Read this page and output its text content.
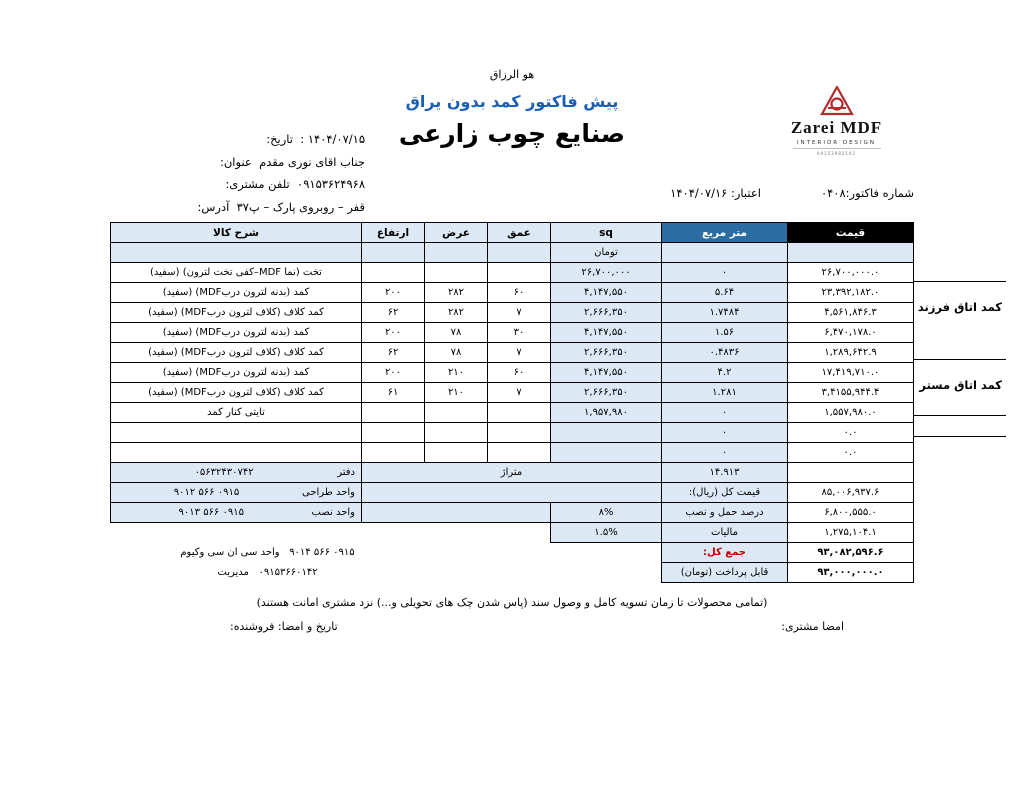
هو الرزاق
پیش فاکتور کمد بدون یراق
صنایع چوب زارعی	Zarei MDF
INTERIOR DESIGN
09153982142
۱۴۰۴/۰۷/۱۵ :  تاریخ:
جناب اقای نوری مقدم  عنوان:
۰۹۱۵۳۶۲۴۹۶۸  تلفن مشتری:
قفر – روبروی پارک – پ۳۷  آدرس:
شماره فاکتور:۰۴۰۸
اعتبار: ۱۴۰۴/۰۷/۱۶
قیمت	متر مربع	sq	عمق	عرض	ارتفاع	شرح کالا
		تومان				
۲۶,۷۰۰,۰۰۰.۰	۰	۲۶,۷۰۰,۰۰۰				تخت (نما MDF–کفی تخت لترون) (سفید)
۲۳,۳۹۲,۱۸۲.۰	۵.۶۴	۴,۱۴۷,۵۵۰	۶۰	۲۸۲	۲۰۰	کمد (بدنه لترون درب‌MDF) (سفید)
۴,۵۶۱,۸۴۶.۳	۱.۷۴۸۴	۲,۶۶۶,۳۵۰	۷	۲۸۲	۶۲	کمد کلاف (کلاف لترون درب‌MDF) (سفید)
۶,۴۷۰,۱۷۸.۰	۱.۵۶	۴,۱۴۷,۵۵۰	۳۰	۷۸	۲۰۰	کمد (بدنه لترون درب‌MDF) (سفید)
۱,۲۸۹,۶۴۲.۹	۰.۴۸۳۶	۲,۶۶۶,۳۵۰	۷	۷۸	۶۲	کمد کلاف (کلاف لترون درب‌MDF) (سفید)
۱۷,۴۱۹,۷۱۰.۰	۴.۲	۴,۱۴۷,۵۵۰	۶۰	۲۱۰	۲۰۰	کمد (بدنه لترون درب‌MDF) (سفید)
۳,۴۱۵۵,۹۴۴.۴	۱.۲۸۱	۲,۶۶۶,۳۵۰	۷	۲۱۰	۶۱	کمد کلاف (کلاف لترون درب‌MDF) (سفید)
۱,۵۵۷,۹۸۰.۰	۰	۱,۹۵۷,۹۸۰				تایتی کنار کمد
۰.۰	۰					
۰.۰	۰					
	۱۴.۹۱۳	متراژ				۰۵۶۳۲۴۳۰۷۴۲ دفتر

۸۵,۰۰۶,۹۳۷.۶	قیمت کل (ریال):					۰۹۱۵ ۵۶۶ ۹۰۱۲ واحد طراحی

۶,۸۰۰,۵۵۵.۰	درصد حمل و نصب	۸%				۰۹۱۵ ۵۶۶ ۹۰۱۳ واحد نصب

۱,۲۷۵,۱۰۴.۱	مالیات	۱.۵%				
۹۳,۰۸۲,۵۹۶.۶	جمع کل:				۰۹۱۵ ۵۶۶ ۹۰۱۴   واحد سی ان سی وکیوم	
۹۳,۰۰۰,۰۰۰.۰	قابل پرداخت (تومان)				۰۹۱۵۳۶۶۰۱۴۲   مدیریت	
کمد اتاق فرزند
کمد اتاق مستر
(تمامی محصولات تا زمان تسویه کامل و وصول سند (پاس شدن چک های تحویلی و...) نزد مشتری امانت هستند)
تاریخ و امضا: فروشنده:	امضا مشتری:
